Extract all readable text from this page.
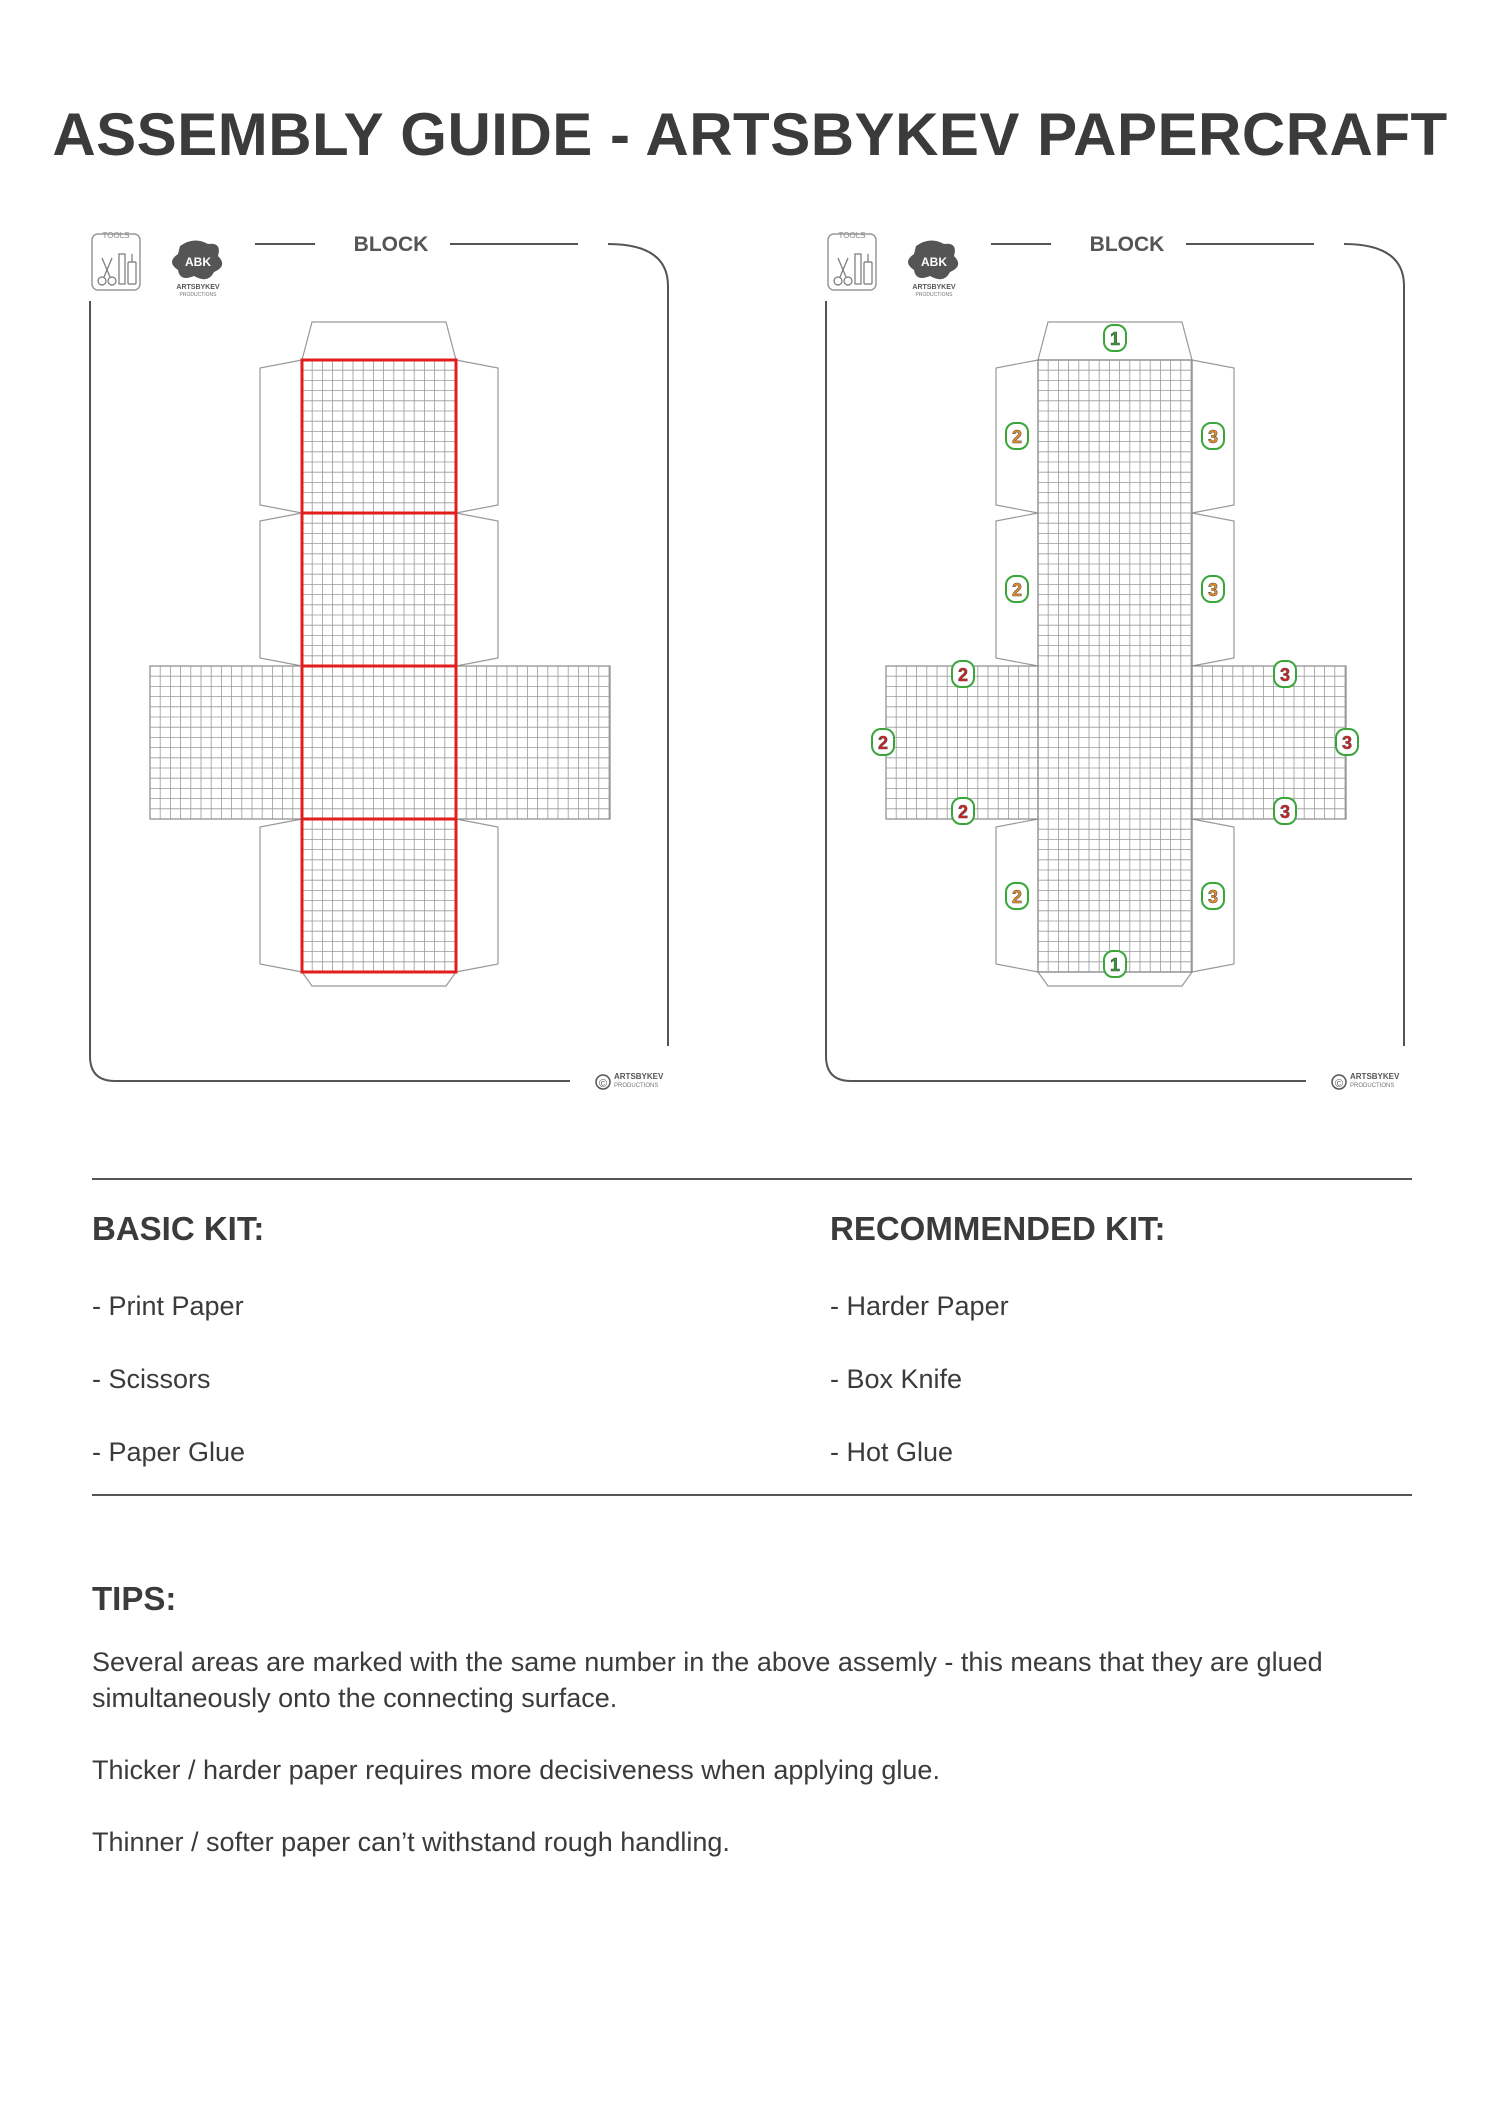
ASSEMBLY GUIDE - ARTSBYKEV PAPERCRAFT
BLOCK
TOOLS
ABK
ARTSBYKEV
PRODUCTIONS
©
ARTSBYKEV
PRODUCTIONS
BLOCK
TOOLS
ABK
ARTSBYKEV
PRODUCTIONS
1
1
2
2
2
2
2
2
3
3
3
3
3
3
©
ARTSBYKEV
PRODUCTIONS
BASIC KIT:
- Print Paper
- Scissors
- Paper Glue
RECOMMENDED KIT:
- Harder Paper
- Box Knife
- Hot Glue
TIPS:

Several areas are marked with the same number in the above assemly - this means that they are glued simultaneously onto the connecting surface.

Thicker / harder paper requires more decisiveness when applying glue.

Thinner / softer paper can’t withstand rough handling.
